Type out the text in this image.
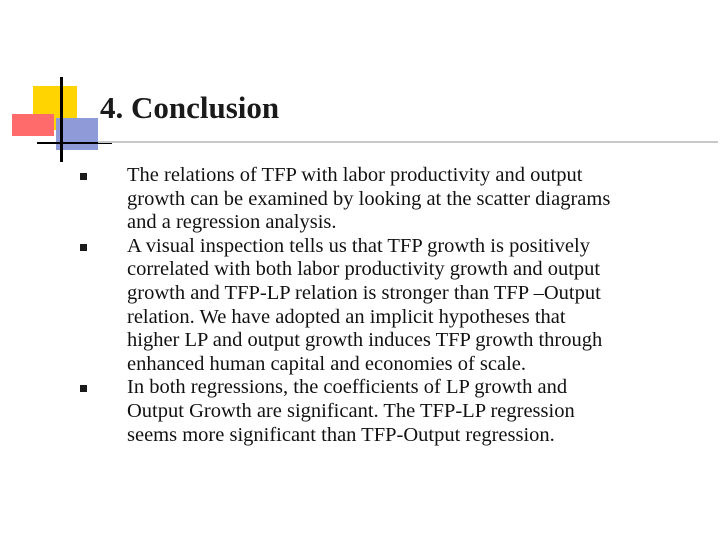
4. Conclusion
The relations of TFP with labor productivity and output growth can be examined by looking at the scatter diagrams and a regression analysis.
A visual inspection tells us that TFP growth is positively correlated with both labor productivity growth and output growth and TFP-LP relation is stronger than TFP –Output relation. We have adopted an implicit hypotheses that higher LP and output growth induces TFP growth through enhanced human capital and economies of scale.
In both regressions, the coefficients of LP growth and Output Growth are significant. The TFP-LP regression seems more significant than TFP-Output regression.
